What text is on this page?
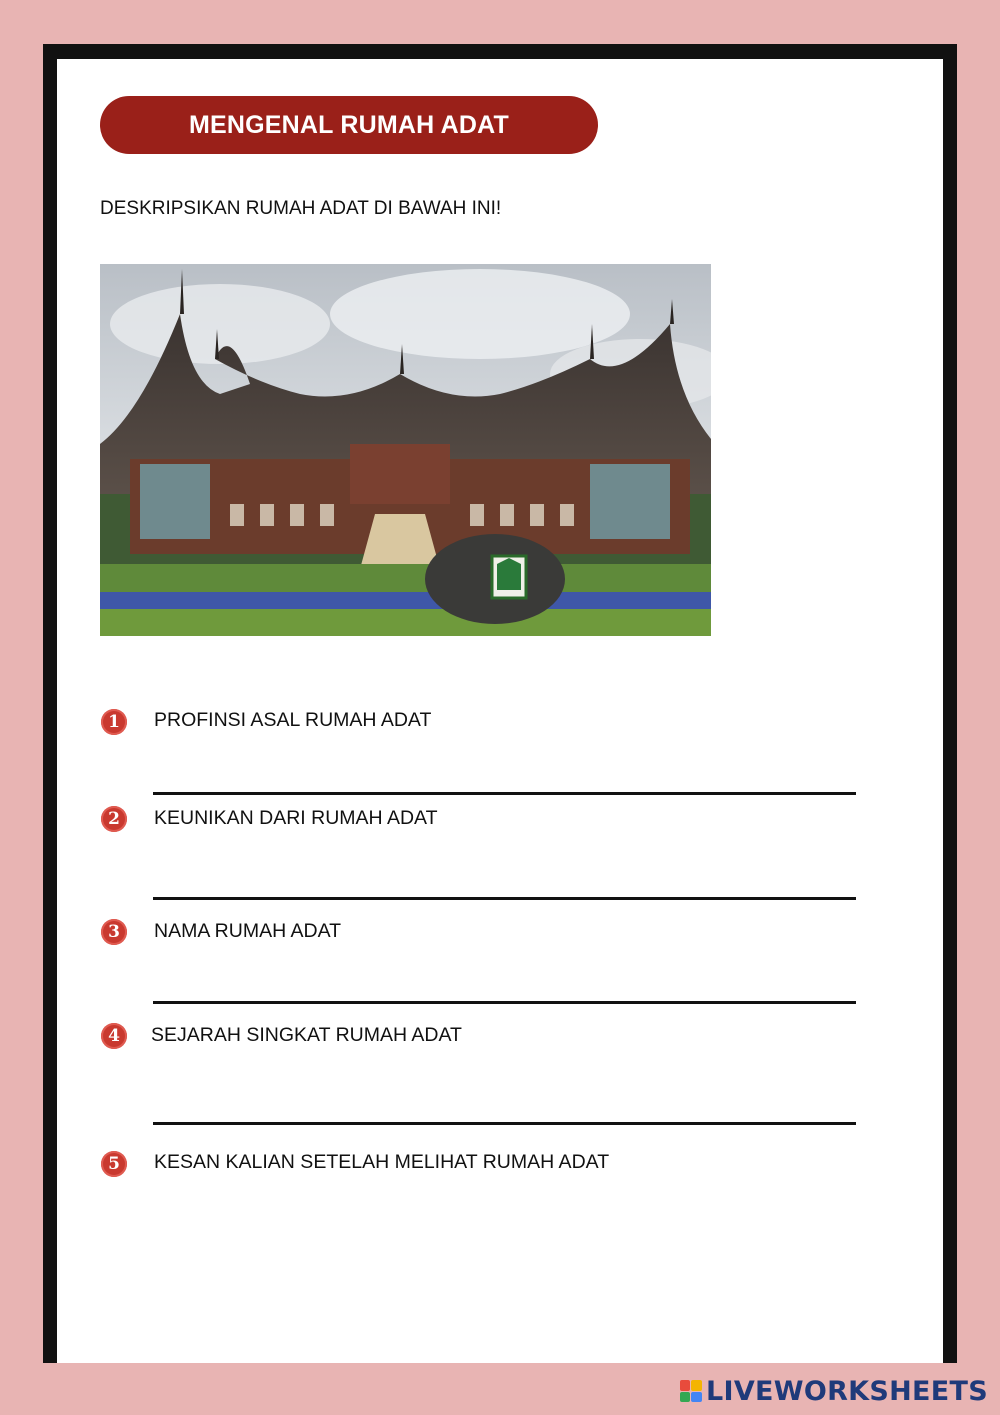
MENGENAL RUMAH ADAT
DESKRIPSIKAN RUMAH ADAT DI BAWAH INI!
1	PROFINSI ASAL RUMAH ADAT
2	KEUNIKAN DARI RUMAH ADAT
3	NAMA RUMAH ADAT
4	SEJARAH SINGKAT RUMAH ADAT
5	KESAN KALIAN SETELAH MELIHAT RUMAH ADAT
LIVEWORKSHEETS
